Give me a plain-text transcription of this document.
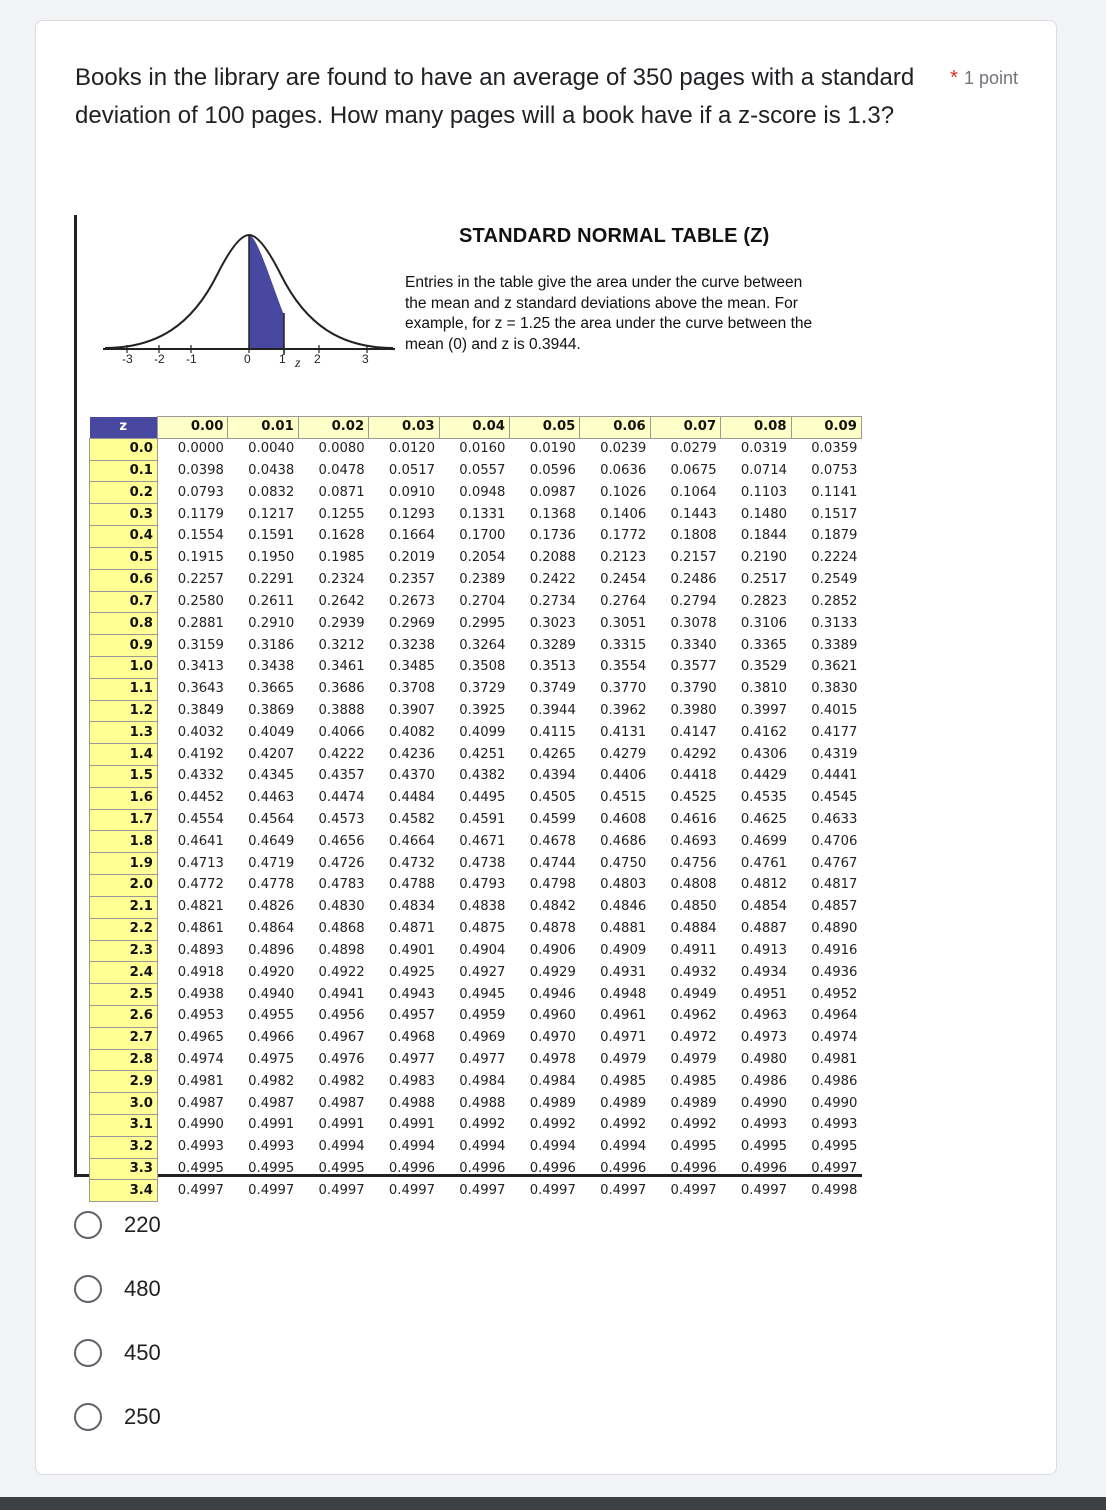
Books in the library are found to have an average of 350 pages with a standard deviation of 100 pages. How many pages will a book have if a z-score is 1.3?
* 1 point
-3 -2 -1	0 1 2	3
z
STANDARD NORMAL TABLE (Z)
Entries in the table give the area under the curve between the mean and z standard deviations above the mean. For example, for z = 1.25 the area under the curve between the mean (0) and z is 0.3944.
z	0.00	0.01	0.02	0.03	0.04	0.05	0.06	0.07	0.08	0.09
0.0	0.0000	0.0040	0.0080	0.0120	0.0160	0.0190	0.0239	0.0279	0.0319	0.0359
0.1	0.0398	0.0438	0.0478	0.0517	0.0557	0.0596	0.0636	0.0675	0.0714	0.0753
0.2	0.0793	0.0832	0.0871	0.0910	0.0948	0.0987	0.1026	0.1064	0.1103	0.1141
0.3	0.1179	0.1217	0.1255	0.1293	0.1331	0.1368	0.1406	0.1443	0.1480	0.1517
0.4	0.1554	0.1591	0.1628	0.1664	0.1700	0.1736	0.1772	0.1808	0.1844	0.1879
0.5	0.1915	0.1950	0.1985	0.2019	0.2054	0.2088	0.2123	0.2157	0.2190	0.2224
0.6	0.2257	0.2291	0.2324	0.2357	0.2389	0.2422	0.2454	0.2486	0.2517	0.2549
0.7	0.2580	0.2611	0.2642	0.2673	0.2704	0.2734	0.2764	0.2794	0.2823	0.2852
0.8	0.2881	0.2910	0.2939	0.2969	0.2995	0.3023	0.3051	0.3078	0.3106	0.3133
0.9	0.3159	0.3186	0.3212	0.3238	0.3264	0.3289	0.3315	0.3340	0.3365	0.3389
1.0	0.3413	0.3438	0.3461	0.3485	0.3508	0.3513	0.3554	0.3577	0.3529	0.3621
1.1	0.3643	0.3665	0.3686	0.3708	0.3729	0.3749	0.3770	0.3790	0.3810	0.3830
1.2	0.3849	0.3869	0.3888	0.3907	0.3925	0.3944	0.3962	0.3980	0.3997	0.4015
1.3	0.4032	0.4049	0.4066	0.4082	0.4099	0.4115	0.4131	0.4147	0.4162	0.4177
1.4	0.4192	0.4207	0.4222	0.4236	0.4251	0.4265	0.4279	0.4292	0.4306	0.4319
1.5	0.4332	0.4345	0.4357	0.4370	0.4382	0.4394	0.4406	0.4418	0.4429	0.4441
1.6	0.4452	0.4463	0.4474	0.4484	0.4495	0.4505	0.4515	0.4525	0.4535	0.4545
1.7	0.4554	0.4564	0.4573	0.4582	0.4591	0.4599	0.4608	0.4616	0.4625	0.4633
1.8	0.4641	0.4649	0.4656	0.4664	0.4671	0.4678	0.4686	0.4693	0.4699	0.4706
1.9	0.4713	0.4719	0.4726	0.4732	0.4738	0.4744	0.4750	0.4756	0.4761	0.4767
2.0	0.4772	0.4778	0.4783	0.4788	0.4793	0.4798	0.4803	0.4808	0.4812	0.4817
2.1	0.4821	0.4826	0.4830	0.4834	0.4838	0.4842	0.4846	0.4850	0.4854	0.4857
2.2	0.4861	0.4864	0.4868	0.4871	0.4875	0.4878	0.4881	0.4884	0.4887	0.4890
2.3	0.4893	0.4896	0.4898	0.4901	0.4904	0.4906	0.4909	0.4911	0.4913	0.4916
2.4	0.4918	0.4920	0.4922	0.4925	0.4927	0.4929	0.4931	0.4932	0.4934	0.4936
2.5	0.4938	0.4940	0.4941	0.4943	0.4945	0.4946	0.4948	0.4949	0.4951	0.4952
2.6	0.4953	0.4955	0.4956	0.4957	0.4959	0.4960	0.4961	0.4962	0.4963	0.4964
2.7	0.4965	0.4966	0.4967	0.4968	0.4969	0.4970	0.4971	0.4972	0.4973	0.4974
2.8	0.4974	0.4975	0.4976	0.4977	0.4977	0.4978	0.4979	0.4979	0.4980	0.4981
2.9	0.4981	0.4982	0.4982	0.4983	0.4984	0.4984	0.4985	0.4985	0.4986	0.4986
3.0	0.4987	0.4987	0.4987	0.4988	0.4988	0.4989	0.4989	0.4989	0.4990	0.4990
3.1	0.4990	0.4991	0.4991	0.4991	0.4992	0.4992	0.4992	0.4992	0.4993	0.4993
3.2	0.4993	0.4993	0.4994	0.4994	0.4994	0.4994	0.4994	0.4995	0.4995	0.4995
3.3	0.4995	0.4995	0.4995	0.4996	0.4996	0.4996	0.4996	0.4996	0.4996	0.4997
3.4	0.4997	0.4997	0.4997	0.4997	0.4997	0.4997	0.4997	0.4997	0.4997	0.4998
220
480
450
250
